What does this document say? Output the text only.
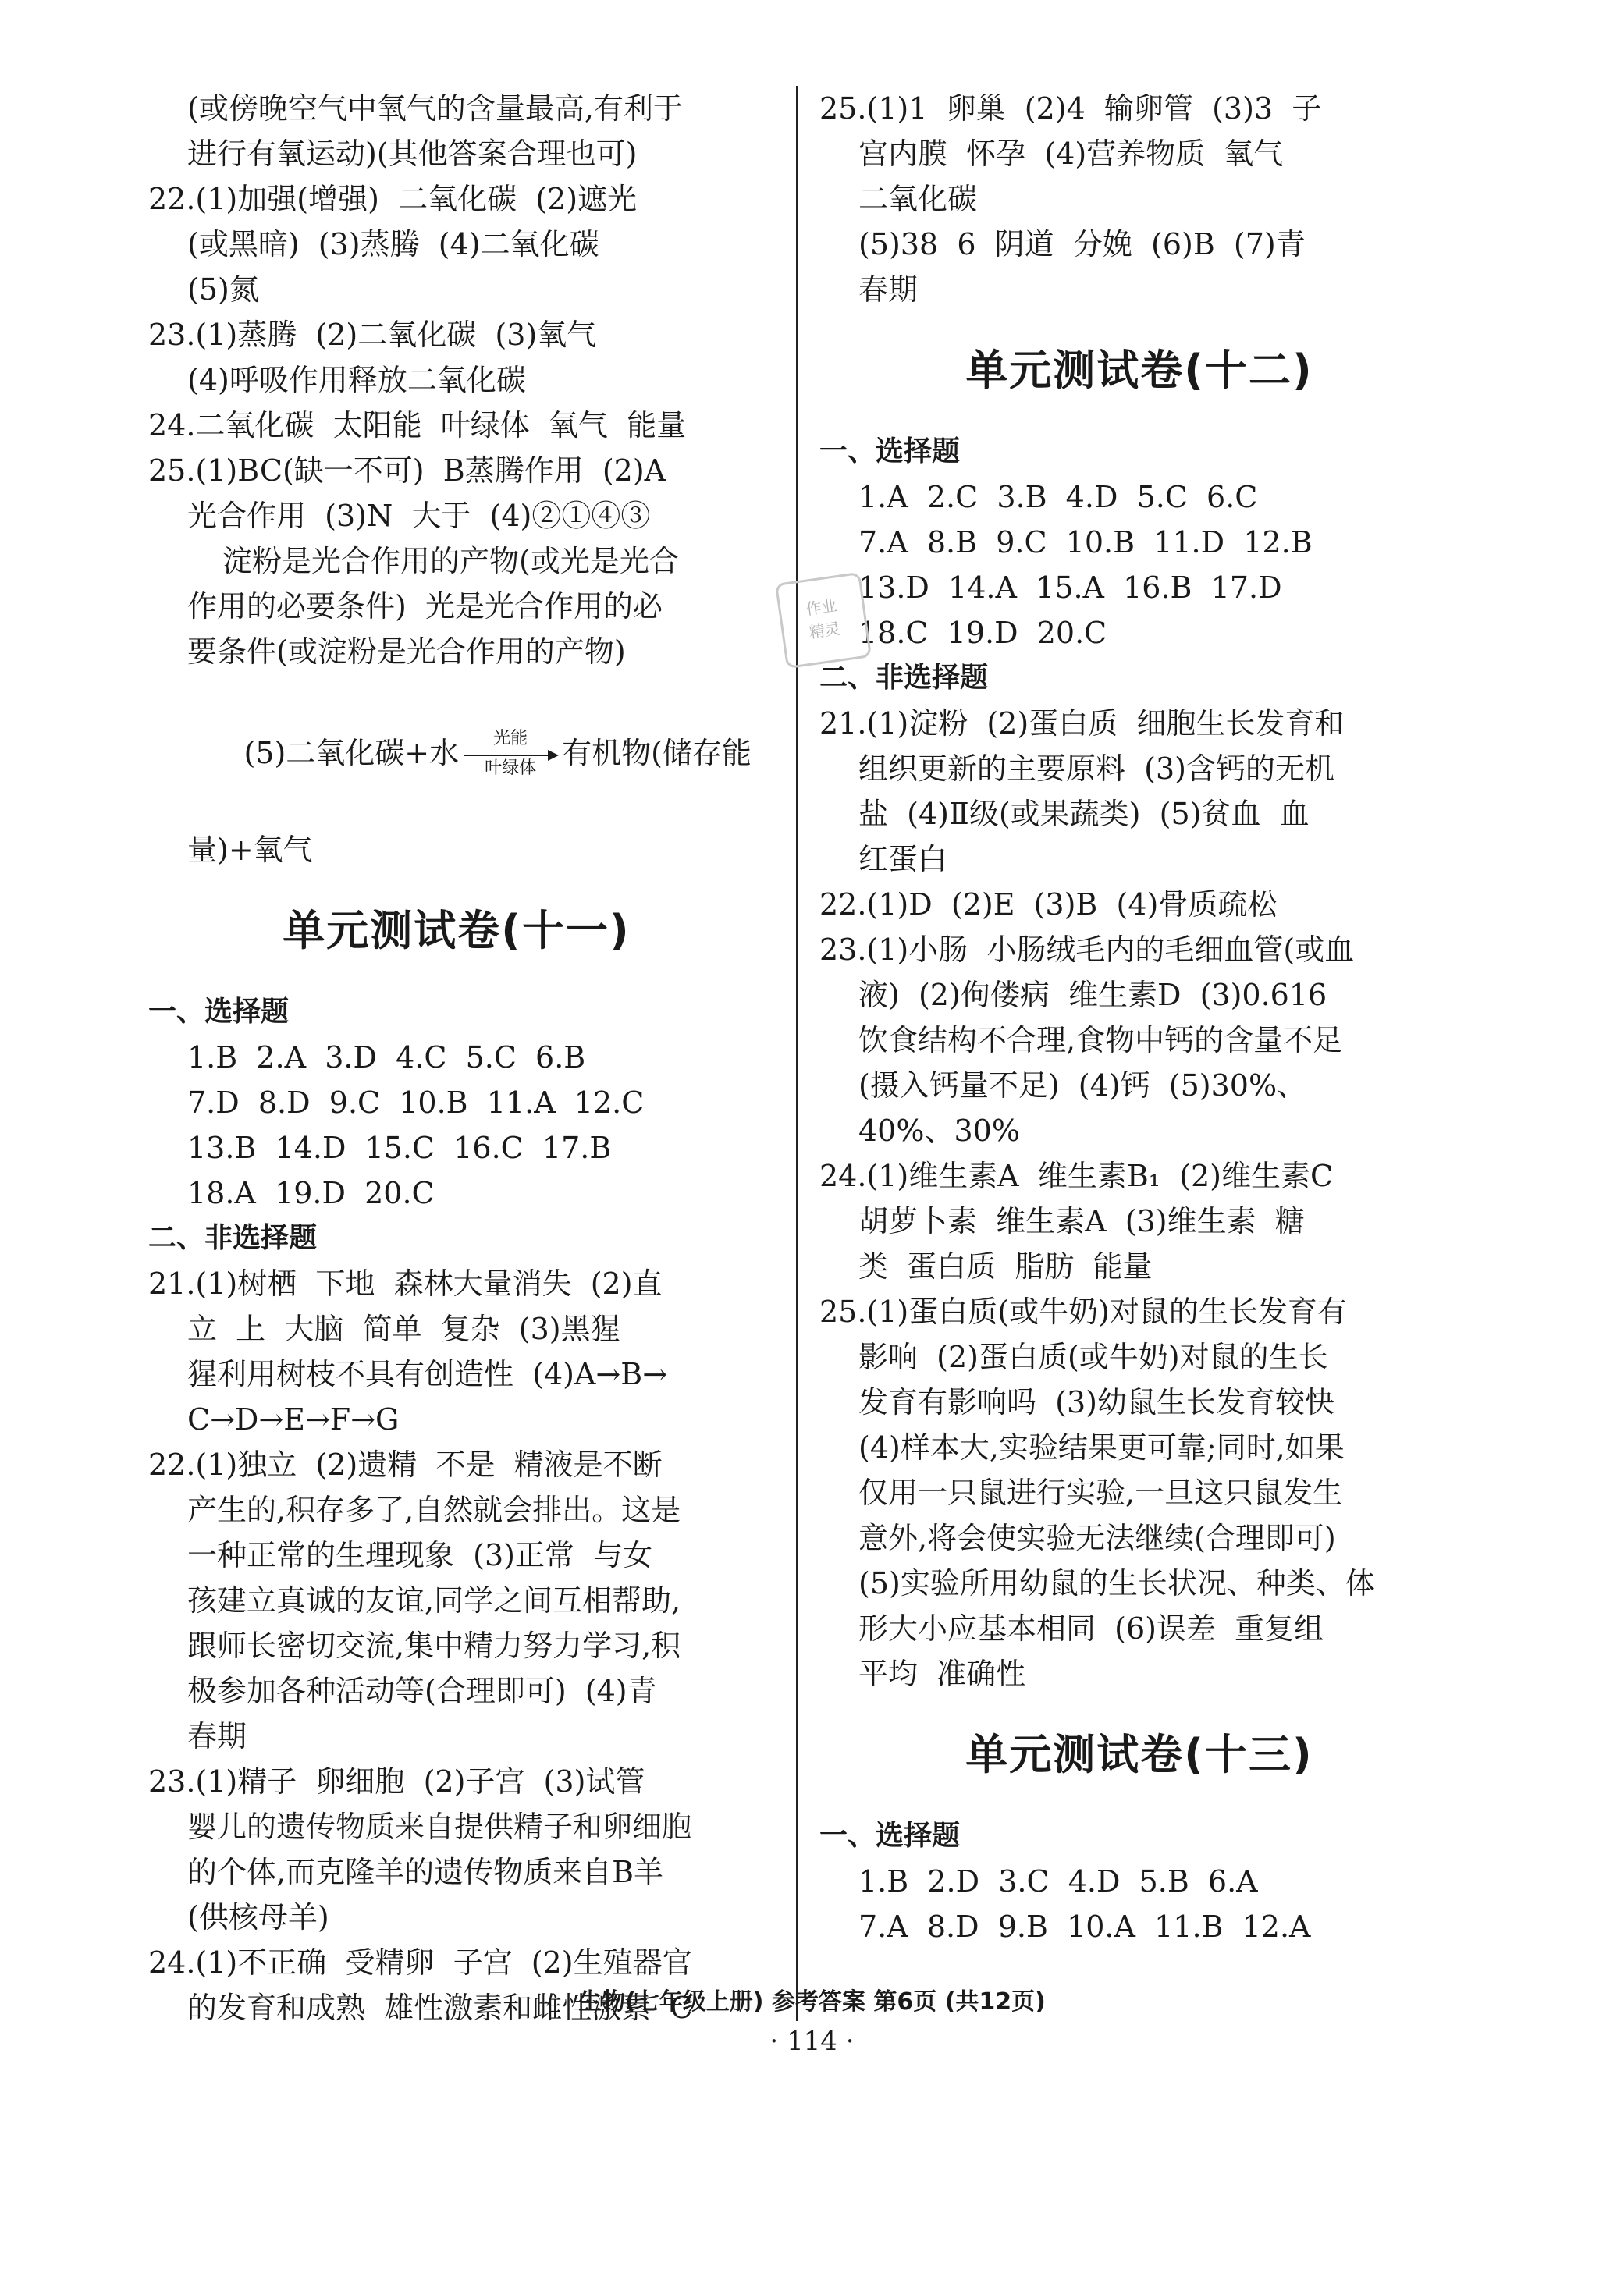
(或傍晚空气中氧气的含量最高,有利于
进行有氧运动)(其他答案合理也可)
22.(1)加强(增强)  二氧化碳  (2)遮光
(或黑暗)  (3)蒸腾  (4)二氧化碳
(5)氮
23.(1)蒸腾  (2)二氧化碳  (3)氧气
(4)呼吸作用释放二氧化碳
24.二氧化碳  太阳能  叶绿体  氧气  能量
25.(1)BC(缺一不可)  B蒸腾作用  (2)A
光合作用  (3)N  大于  (4)②①④③
淀粉是光合作用的产物(或光是光合
作用的必要条件)  光是光合作用的必
要条件(或淀粉是光合作用的产物)

(5)二氧化碳+水	光能
叶绿体 有机物(储存能

量)+氧气
单元测试卷(十一)
一、选择题
1.B  2.A  3.D  4.C  5.C  6.B
7.D  8.D  9.C  10.B  11.A  12.C
13.B  14.D  15.C  16.C  17.B
18.A  19.D  20.C
二、非选择题
21.(1)树栖  下地  森林大量消失  (2)直
立  上  大脑  简单  复杂  (3)黑猩
猩利用树枝不具有创造性  (4)A→B→
C→D→E→F→G
22.(1)独立  (2)遗精  不是  精液是不断
产生的,积存多了,自然就会排出。这是
一种正常的生理现象  (3)正常  与女
孩建立真诚的友谊,同学之间互相帮助,
跟师长密切交流,集中精力努力学习,积
极参加各种活动等(合理即可)  (4)青
春期
23.(1)精子  卵细胞  (2)子宫  (3)试管
婴儿的遗传物质来自提供精子和卵细胞
的个体,而克隆羊的遗传物质来自B羊
(供核母羊)
24.(1)不正确  受精卵  子宫  (2)生殖器官
的发育和成熟  雄性激素和雌性激素  C
25.(1)1  卵巢  (2)4  输卵管  (3)3  子
宫内膜  怀孕  (4)营养物质  氧气
二氧化碳
(5)38  6  阴道  分娩  (6)B  (7)青
春期
单元测试卷(十二)
一、选择题
1.A  2.C  3.B  4.D  5.C  6.C
7.A  8.B  9.C  10.B  11.D  12.B
13.D  14.A  15.A  16.B  17.D
18.C  19.D  20.C
二、非选择题
21.(1)淀粉  (2)蛋白质  细胞生长发育和
组织更新的主要原料  (3)含钙的无机
盐  (4)Ⅱ级(或果蔬类)  (5)贫血  血
红蛋白
22.(1)D  (2)E  (3)B  (4)骨质疏松
23.(1)小肠  小肠绒毛内的毛细血管(或血
液)  (2)佝偻病  维生素D  (3)0.616
饮食结构不合理,食物中钙的含量不足
(摄入钙量不足)  (4)钙  (5)30%、
40%、30%
24.(1)维生素A  维生素B₁  (2)维生素C
胡萝卜素  维生素A  (3)维生素  糖
类  蛋白质  脂肪  能量
25.(1)蛋白质(或牛奶)对鼠的生长发育有
影响  (2)蛋白质(或牛奶)对鼠的生长
发育有影响吗  (3)幼鼠生长发育较快
(4)样本大,实验结果更可靠;同时,如果
仅用一只鼠进行实验,一旦这只鼠发生
意外,将会使实验无法继续(合理即可)
(5)实验所用幼鼠的生长状况、种类、体
形大小应基本相同  (6)误差  重复组
平均  准确性
单元测试卷(十三)
一、选择题
1.B  2.D  3.C  4.D  5.B  6.A
7.A  8.D  9.B  10.A  11.B  12.A
作业
精灵
生物(七年级上册) 参考答案 第6页 (共12页)
· 114 ·
